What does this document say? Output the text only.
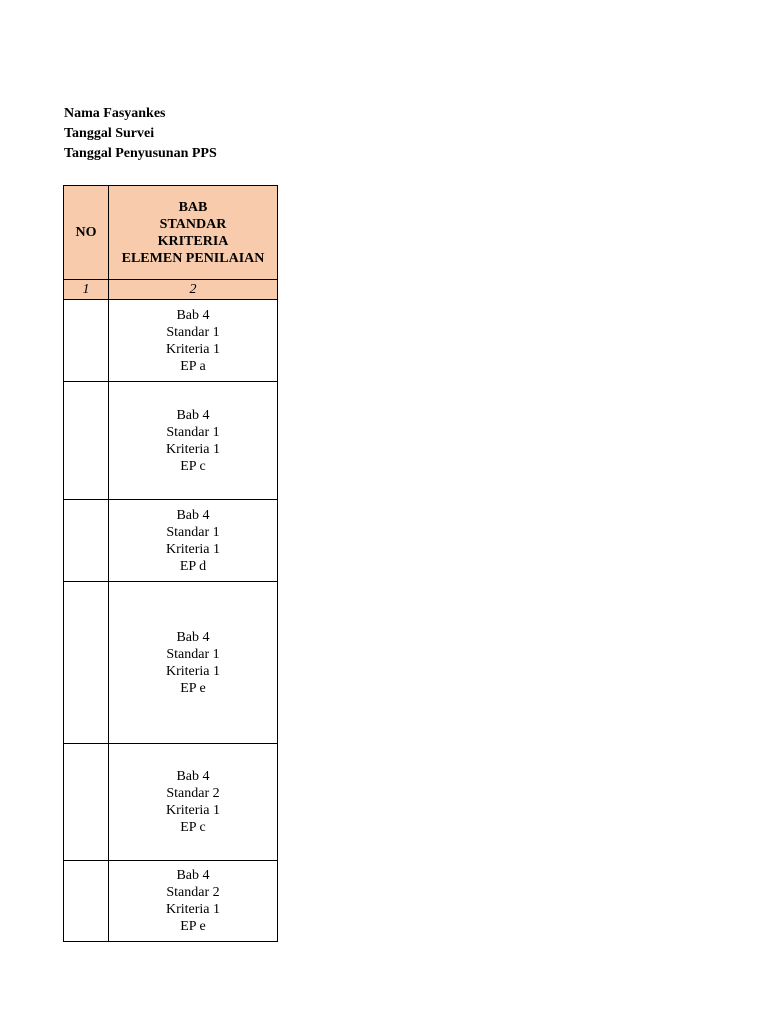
Nama Fasyankes
Tanggal Survei
Tanggal Penyusunan PPS
NO	BAB
STANDAR
KRITERIA
ELEMEN PENILAIAN

1	2

	Bab 4
Standar 1
Kriteria 1
EP a

	Bab 4
Standar 1
Kriteria 1
EP c

	Bab 4
Standar 1
Kriteria 1
EP d

	Bab 4
Standar 1
Kriteria 1
EP e

	Bab 4
Standar 2
Kriteria 1
EP c

	Bab 4
Standar 2
Kriteria 1
EP e
